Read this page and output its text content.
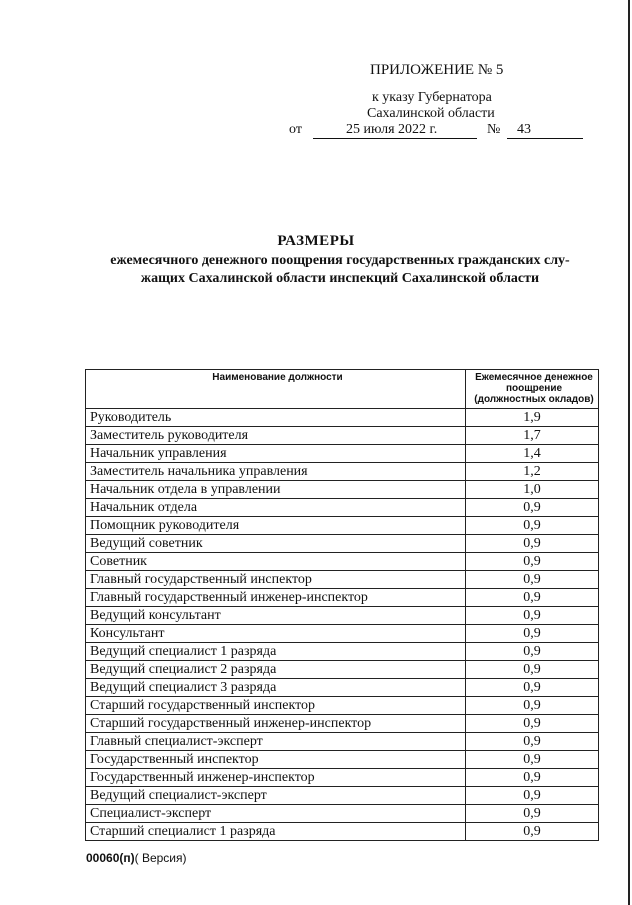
ПРИЛОЖЕНИЕ № 5
к указу Губернатора
Сахалинской области
от	25 июля 2022 г.	№ 43
РАЗМЕРЫ
ежемесячного денежного поощрения государственных гражданских слу-
жащих Сахалинской области инспекций Сахалинской области
Наименование должности	Ежемесячное денежное поощрение (должностных окладов)
Руководитель	1,9
Заместитель руководителя	1,7
Начальник управления	1,4
Заместитель начальника управления	1,2
Начальник отдела в управлении	1,0
Начальник отдела	0,9
Помощник руководителя	0,9
Ведущий советник	0,9
Советник	0,9
Главный государственный инспектор	0,9
Главный государственный инженер-инспектор	0,9
Ведущий консультант	0,9
Консультант	0,9
Ведущий специалист 1 разряда	0,9
Ведущий специалист 2 разряда	0,9
Ведущий специалист 3 разряда	0,9
Старший государственный инспектор	0,9
Старший государственный инженер-инспектор	0,9
Главный специалист-эксперт	0,9
Государственный инспектор	0,9
Государственный инженер-инспектор	0,9
Ведущий специалист-эксперт	0,9
Специалист-эксперт	0,9
Старший специалист 1 разряда	0,9
00060(п)( Версия)
